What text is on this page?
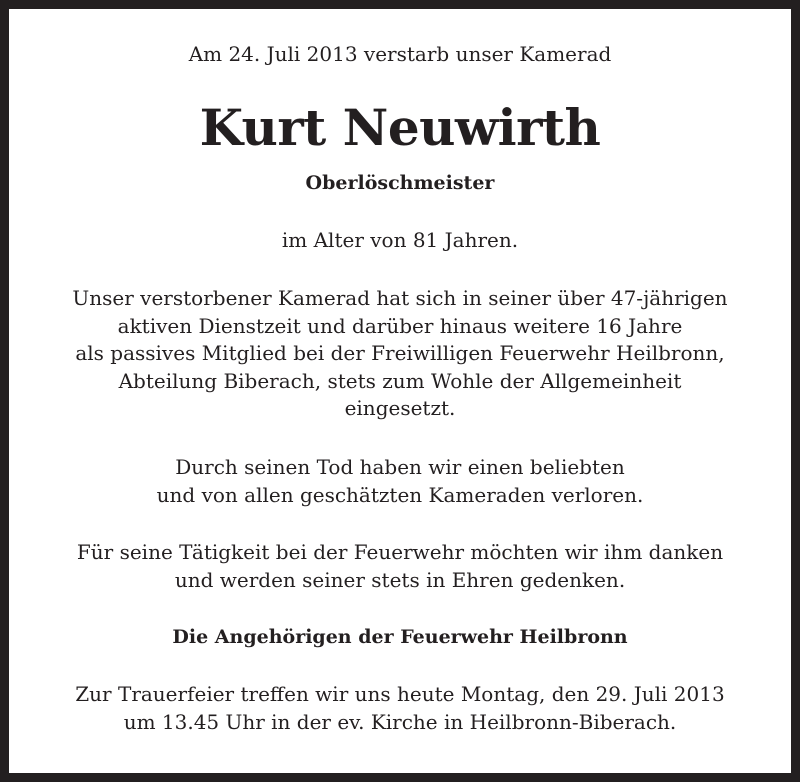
Am 24. Juli 2013 verstarb unser Kamerad
Kurt Neuwirth
Oberlöschmeister
im Alter von 81 Jahren.
Unser verstorbener Kamerad hat sich in seiner über 47-jährigen
aktiven Dienstzeit und darüber hinaus weitere 16 Jahre
als passives Mitglied bei der Freiwilligen Feuerwehr Heilbronn,
Abteilung Biberach, stets zum Wohle der Allgemeinheit
eingesetzt.
Durch seinen Tod haben wir einen beliebten
und von allen geschätzten Kameraden verloren.
Für seine Tätigkeit bei der Feuerwehr möchten wir ihm danken
und werden seiner stets in Ehren gedenken.
Die Angehörigen der Feuerwehr Heilbronn
Zur Trauerfeier treffen wir uns heute Montag, den 29. Juli 2013
um 13.45 Uhr in der ev. Kirche in Heilbronn-Biberach.
